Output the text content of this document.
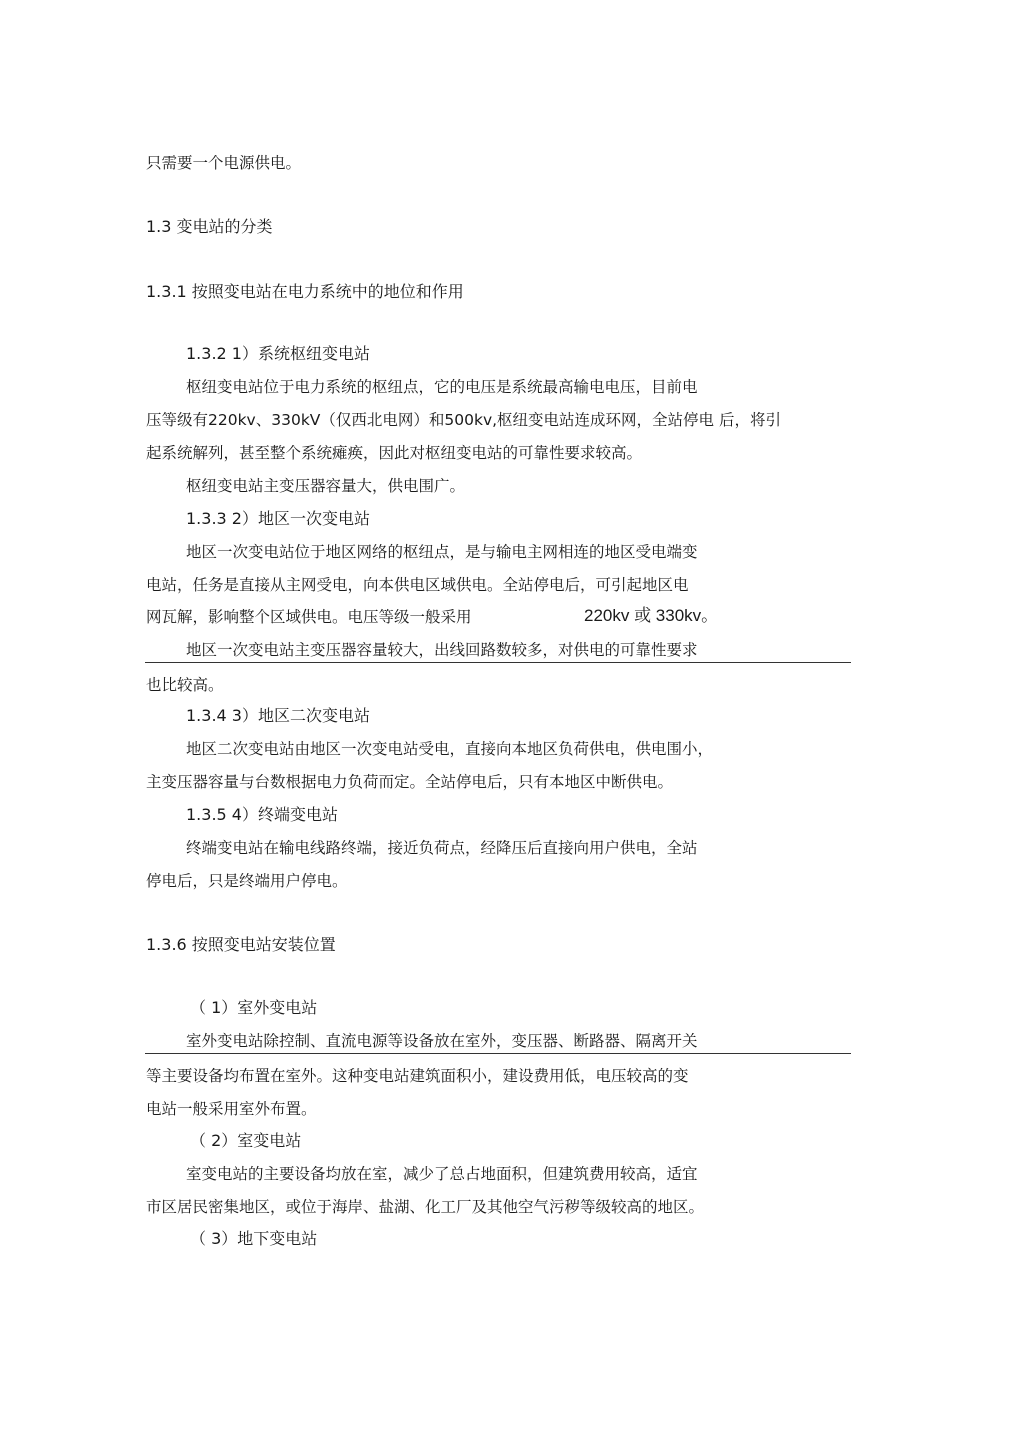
只需要一个电源供电。
1.3 变电站的分类
1.3.1 按照变电站在电力系统中的地位和作用
1.3.2 1）系统枢纽变电站
枢纽变电站位于电力系统的枢纽点，它的电压是系统最高输电电压，目前电
压等级有220kv、330kV（仅西北电网）和500kv,枢纽变电站连成环网，全站停电 后，将引
起系统解列，甚至整个系统瘫痪，因此对枢纽变电站的可靠性要求较高。
枢纽变电站主变压器容量大，供电围广。
1.3.3 2）地区一次变电站
地区一次变电站位于地区网络的枢纽点，是与输电主网相连的地区受电端变
电站，任务是直接从主网受电，向本供电区域供电。全站停电后，可引起地区电
网瓦解，影响整个区域供电。电压等级一般采用	220kv 或 330kv。
地区一次变电站主变压器容量较大，出线回路数较多，对供电的可靠性要求
也比较高。
1.3.4 3）地区二次变电站
地区二次变电站由地区一次变电站受电，直接向本地区负荷供电，供电围小，
主变压器容量与台数根据电力负荷而定。全站停电后，只有本地区中断供电。
1.3.5 4）终端变电站
终端变电站在输电线路终端，接近负荷点，经降压后直接向用户供电，全站
停电后，只是终端用户停电。
1.3.6 按照变电站安装位置
（ 1）室外变电站
室外变电站除控制、直流电源等设备放在室外，变压器、断路器、隔离开关
等主要设备均布置在室外。这种变电站建筑面积小，建设费用低，电压较高的变
电站一般采用室外布置。
（ 2）室变电站
室变电站的主要设备均放在室，减少了总占地面积，但建筑费用较高，适宜
市区居民密集地区，或位于海岸、盐湖、化工厂及其他空气污秽等级较高的地区。
（ 3）地下变电站
